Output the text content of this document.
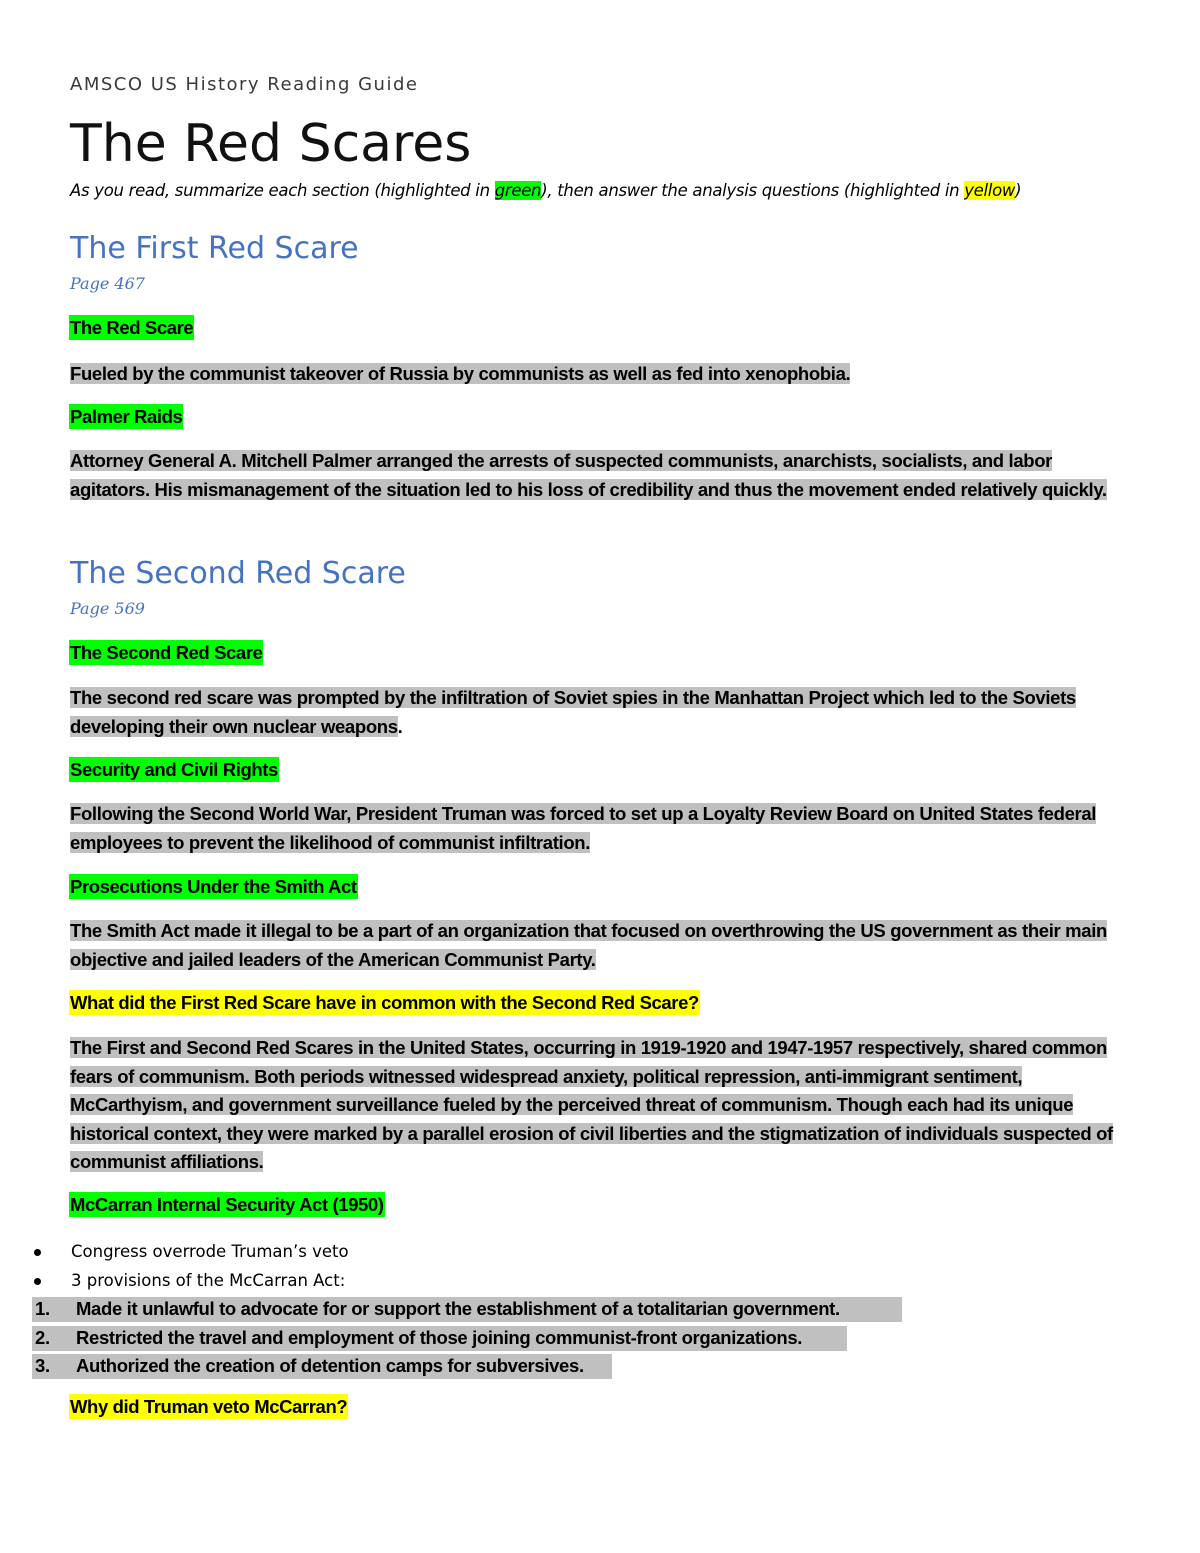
AMSCO US History Reading Guide
The Red Scares
As you read, summarize each section (highlighted in green), then answer the analysis questions (highlighted in yellow)
The First Red Scare
Page 467
The Red Scare
Fueled by the communist takeover of Russia by communists as well as fed into xenophobia.
Palmer Raids
Attorney General A. Mitchell Palmer arranged the arrests of suspected communists, anarchists, socialists, and labor agitators. His mismanagement of the situation led to his loss of credibility and thus the movement ended relatively quickly.
The Second Red Scare
Page 569
The Second Red Scare
The second red scare was prompted by the infiltration of Soviet spies in the Manhattan Project which led to the Soviets developing their own nuclear weapons.
Security and Civil Rights
Following the Second World War, President Truman was forced to set up a Loyalty Review Board on United States federal employees to prevent the likelihood of communist infiltration.
Prosecutions Under the Smith Act
The Smith Act made it illegal to be a part of an organization that focused on overthrowing the US government as their main objective and jailed leaders of the American Communist Party.
What did the First Red Scare have in common with the Second Red Scare?
The First and Second Red Scares in the United States, occurring in 1919-1920 and 1947-1957 respectively, shared common fears of communism. Both periods witnessed widespread anxiety, political repression, anti-immigrant sentiment, McCarthyism, and government surveillance fueled by the perceived threat of communism. Though each had its unique historical context, they were marked by a parallel erosion of civil liberties and the stigmatization of individuals suspected of communist affiliations.
McCarran Internal Security Act (1950)
Congress overrode Truman’s veto
3 provisions of the McCarran Act:
1. Made it unlawful to advocate for or support the establishment of a totalitarian government.
2. Restricted the travel and employment of those joining communist-front organizations.
3. Authorized the creation of detention camps for subversives.
Why did Truman veto McCarran?
